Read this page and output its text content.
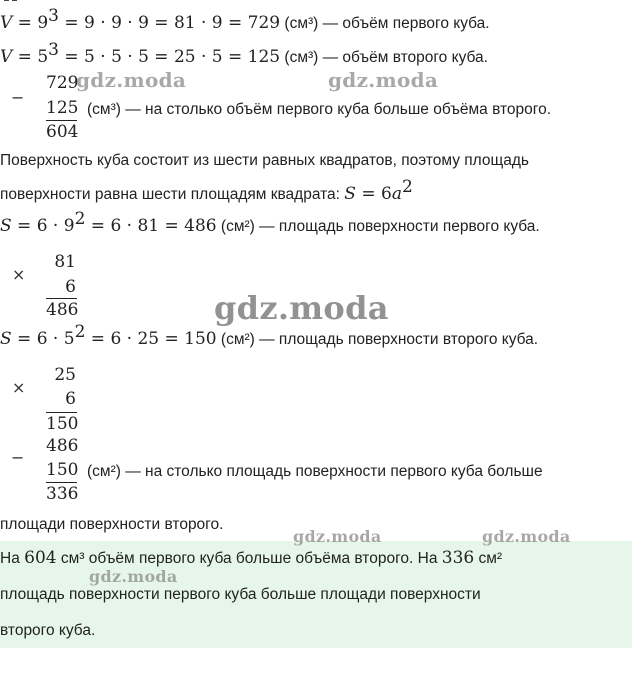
$V = 9^3 = 9 \cdot 9 \cdot 9 = 81 \cdot 9 = 729$ (см³) — объём первого куба.
$V = 5^3 = 5 \cdot 5 \cdot 5 = 25 \cdot 5 = 125$ (см³) — объём второго куба.
−
729
125
604
(см³) — на столько объём первого куба больше объёма второго.
Поверхность куба состоит из шести равных квадратов, поэтому площадь
поверхности равна шести площадям квадрата: $S = 6a^2$
$S = 6 \cdot 9^2 = 6 \cdot 81 = 486$ (см²) — площадь поверхности первого куба.
×
81
6
486
$S = 6 \cdot 5^2 = 6 \cdot 25 = 150$ (см²) — площадь поверхности второго куба.
×
25
6
150
−
486
150
336
(см²) — на столько площадь поверхности первого куба больше
площади поверхности второго.
На 604 см³ объём первого куба больше объёма второго. На 336 см²
площадь поверхности первого куба больше площади поверхности
второго куба.
gdz.moda	gdz.moda
gdz.moda
gdz.moda	gdz.moda
gdz.moda
